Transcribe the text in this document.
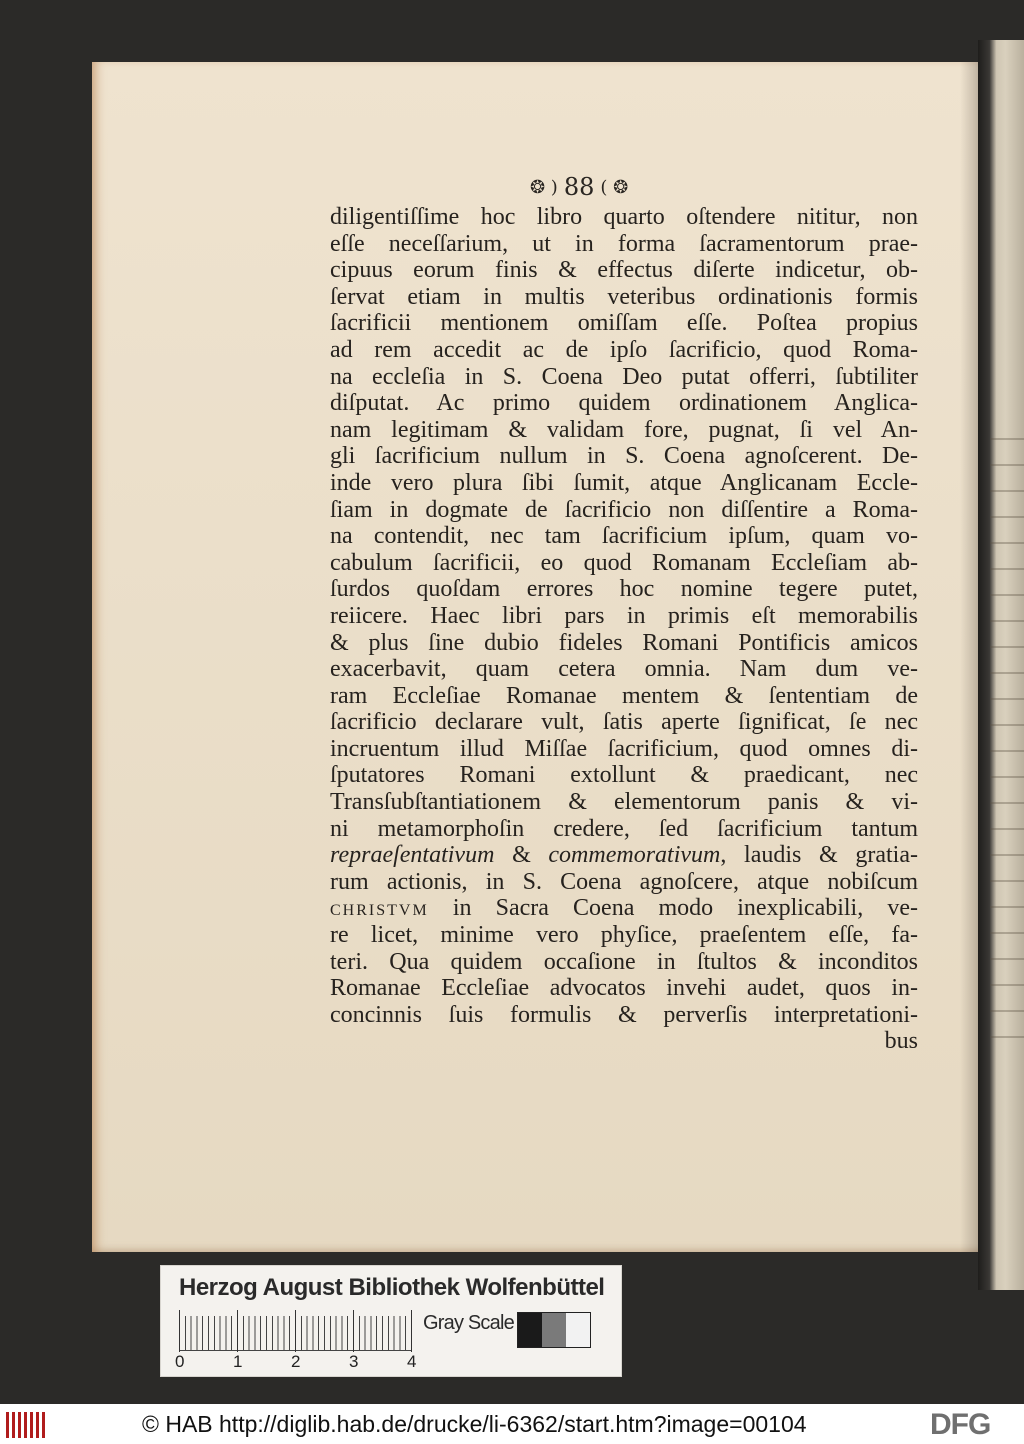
❂ ) 88 ( ❂
diligentiſſime hoc libro quarto oſtendere nititur, non
eſſe neceſſarium, ut in forma ſacramentorum prae-
cipuus eorum finis & effectus diſerte indicetur, ob-
ſervat etiam in multis veteribus ordinationis formis
ſacrificii mentionem omiſſam eſſe. Poſtea propius
ad rem accedit ac de ipſo ſacrificio, quod Roma-
na eccleſia in S. Coena Deo putat offerri, ſubtiliter
diſputat. Ac primo quidem ordinationem Anglica-
nam legitimam & validam fore, pugnat, ſi vel An-
gli ſacrificium nullum in S. Coena agnoſcerent. De-
inde vero plura ſibi ſumit, atque Anglicanam Eccle-
ſiam in dogmate de ſacrificio non diſſentire a Roma-
na contendit, nec tam ſacrificium ipſum, quam vo-
cabulum ſacrificii, eo quod Romanam Eccleſiam ab-
ſurdos quoſdam errores hoc nomine tegere putet,
reiicere. Haec libri pars in primis eſt memorabilis
& plus ſine dubio fideles Romani Pontificis amicos
exacerbavit, quam cetera omnia. Nam dum ve-
ram Eccleſiae Romanae mentem & ſententiam de
ſacrificio declarare vult, ſatis aperte ſignificat, ſe nec
incruentum illud Miſſae ſacrificium, quod omnes di-
ſputatores Romani extollunt & praedicant, nec
Transſubſtantiationem & elementorum panis & vi-
ni metamorphoſin credere, ſed ſacrificium tantum
repraeſentativum & commemorativum, laudis & gratia-
rum actionis, in S. Coena agnoſcere, atque nobiſcum
CHRISTVM in Sacra Coena modo inexplicabili, ve-
re licet, minime vero phyſice, praeſentem eſſe, fa-
teri. Qua quidem occaſione in ſtultos & inconditos
Romanae Eccleſiae advocatos invehi audet, quos in-
concinnis ſuis formulis & perverſis interpretationi-
bus
Herzog August Bibliothek Wolfenbüttel
0	1	2	3	4
Gray Scale
© HAB http://diglib.hab.de/drucke/li-6362/start.htm?image=00104	DFG
